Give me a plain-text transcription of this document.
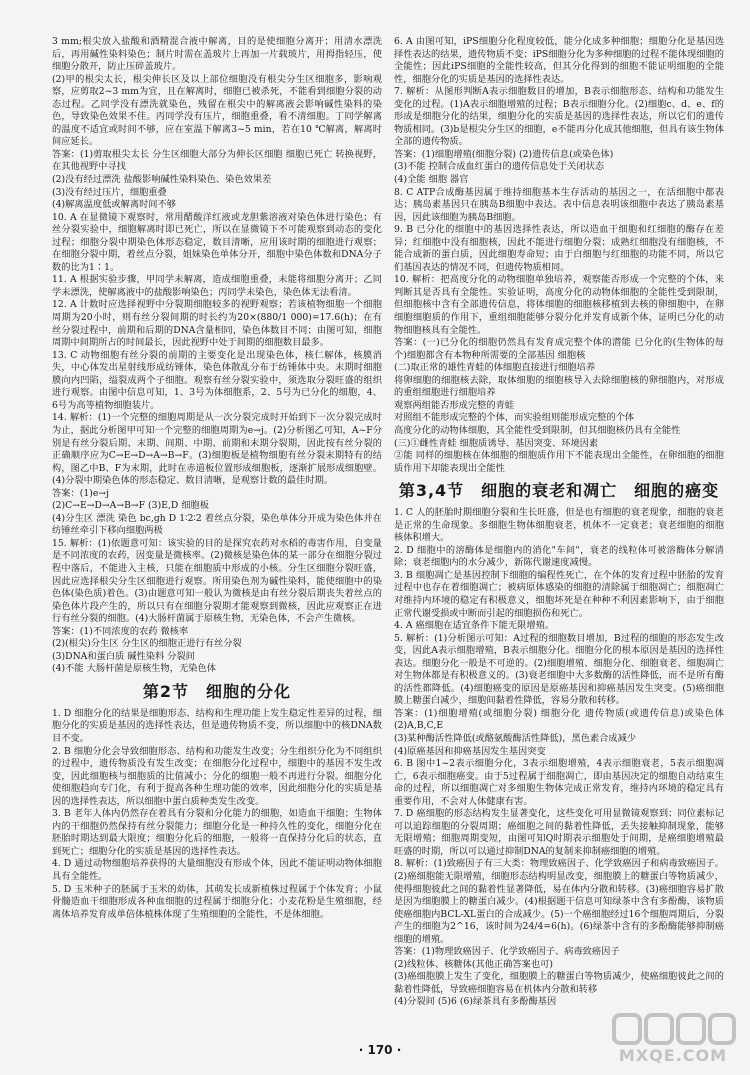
3 mm;根尖放入盐酸和酒精混合液中解离，目的是使细胞分离开；用清水漂洗后，再用碱性染料染色；制片时需在盖玻片上再加一片载玻片，用拇指轻压，使细胞分散开，防止压碎盖玻片。

(2)甲的根尖太长，根尖伸长区及以上部位细胞没有根尖分生区细胞多，影响观察，应剪取2~3 mm为宜，且在解离时，细胞已被杀死，不能看到细胞分裂的动态过程。乙同学没有漂洗就染色，残留在根尖中的解离液会影响碱性染料的染色，导致染色效果不佳。丙同学没有压片，细胞重叠，看不清细胞。丁同学解离的温度不适宜或时间不够，应在室温下解离3~5 min，若在10 ℃解离，解离时间应延长。

答案：(1)剪取根尖太长 分生区细胞大部分为伸长区细胞 细胞已死亡 转换视野，在其他视野中寻找

(2)没有经过漂洗 盐酸影响碱性染料染色、染色效果差

(3)没有经过压片，细胞重叠

(4)解离温度低或解离时间不够

10. A 在显微镜下观察时，常用醋酸洋红液或龙胆紫溶液对染色体进行染色；有丝分裂实验中，细胞解离时即已死亡，所以在显微镜下不可能观察到动态的变化过程；细胞分裂中期染色体形态稳定，数目清晰，应用该时期的细胞进行观察；在细胞分裂中期，着丝点分裂，姐妹染色单体分开，细胞中染色体数和DNA分子数的比为1∶1。

11. A 根据实验步骤，甲同学未解离，造成细胞重叠，未能将细胞分离开；乙同学未漂洗，使解离液中的盐酸影响染色；丙同学未染色，染色体无法看清。

12. A 计数时应选择视野中分裂期细胞较多的视野观察；若该植物细胞一个细胞周期为20小时，则有丝分裂间期的时长约为20×(880/1 000)=17.6(h)；在有丝分裂过程中，前期和后期的DNA含量相同，染色体数目不同；由图可知，细胞周期中间期所占的时间最长，因此视野中处于间期的细胞数目最多。

13. C 动物细胞有丝分裂的前期的主要变化是出现染色体，核仁解体，核膜消失，中心体发出星射线形成纺锤体，染色体散乱分布于纺锤体中央。末期时细胞膜向内凹陷，缢裂成两个子细胞。观察有丝分裂实验中，须选取分裂旺盛的组织进行观察。由图中信息可知，1、3号为体细胞系，2、5号为已分化的细胞，4、6号为高等植物细胞装片。

14. 解析：(1)一个完整的细胞周期是从一次分裂完成时开始到下一次分裂完成时为止，据此分析图甲可知一个完整的细胞周期为e→j。(2)分析图乙可知，A~F分别是有丝分裂后期、末期、间期、中期、前期和末期分裂期，因此按有丝分裂的正确顺序应为C→E→D→A→B→F。(3)细胞板是植物细胞有丝分裂末期特有的结构，图乙中B、F为末期，此时在赤道板位置形成细胞板，逐渐扩展形成细胞壁。(4)分裂中期染色体的形态稳定、数目清晰，是观察计数的最佳时期。

答案：(1)e→j

(2)C→E→D→A→B→F (3)E,D 细胞板

(4)分生区 漂洗 染色 bc,gh D 1∶2∶2 着丝点分裂，染色单体分开成为染色体并在纺锤丝牵引下移向细胞两极

15. 解析：(1)依题意可知：该实验的目的是探究农药对水稻的毒害作用，自变量是不同浓度的农药，因变量是微核率。(2)微核是染色体的某一部分在细胞分裂过程中落后，不能进入主核，只能在细胞质中形成的小核。分生区细胞分裂旺盛，因此应选择根尖分生区细胞进行观察。所用染色剂为碱性染料，能使细胞中的染色体(染色质)着色。(3)由题意可知一般认为微核是由有丝分裂后期丧失着丝点的染色体片段产生的，所以只有在细胞分裂期才能观察到微核，因此应观察正在进行有丝分裂的细胞。(4)大肠杆菌属于原核生物，无染色体，不会产生微核。

答案：(1)不同浓度的农药 微核率

(2)(根尖)分生区 分生区的细胞正进行有丝分裂

(3)DNA和蛋白质 碱性染料 分裂间

(4)不能 大肠杆菌是原核生物，无染色体

第2节　细胞的分化

1. D 细胞分化的结果是细胞形态、结构和生理功能上发生稳定性差异的过程，细胞分化的实质是基因的选择性表达，但是遗传物质不变，所以细胞中的核DNA数目不变。

2. B 细胞分化会导致细胞形态、结构和功能发生改变；分生组织分化为不同组织的过程中，遗传物质没有发生改变；在细胞分化过程中，细胞中的基因不发生改变，因此细胞核与细胞质的比值减小；分化的细胞一般不再进行分裂。细胞分化使细胞趋向专门化，有利于提高各种生理功能的效率，因此细胞分化的实质是基因的选择性表达，所以细胞中蛋白质种类发生改变。

3. B 老年人体内仍然存在着具有分裂和分化能力的细胞，如造血干细胞；生物体内的干细胞仍然保持有丝分裂能力；细胞分化是一种持久性的变化，细胞分化在胚胎时期达到最大限度；细胞分化后的细胞，一般将一直保持分化后的状态，直到死亡；细胞分化的实质是基因的选择性表达。

4. D 通过动物细胞培养获得的大量细胞没有形成个体，因此不能证明动物体细胞具有全能性。

5. D 玉米种子的胚属于玉米的幼体，其萌发长成新植株过程属于个体发育；小鼠骨髓造血干细胞形成各种血细胞的过程属于细胞分化；小麦花粉是生殖细胞，经离体培养发育成单倍体植株体现了生殖细胞的全能性，不是体细胞。

6. A 由图可知，iPS细胞分化程度较低，能分化成多种细胞；细胞分化是基因选择性表达的结果，遗传物质不变；iPS细胞分化为多种细胞的过程不能体现细胞的全能性；因此iPS细胞的全能性较高，但其分化得到的细胞不能证明细胞的全能性，细胞分化的实质是基因的选择性表达。

7. 解析：从图形判断A表示细胞数目的增加，B表示细胞形态、结构和功能发生变化的过程。(1)A表示细胞增殖的过程；B表示细胞分化。(2)细胞c、d、e、f的形成是细胞分化的结果，细胞分化的实质是基因的选择性表达，所以它们的遗传物质相同。(3)b是根尖分生区的细胞，e不能再分化成其他细胞，但具有该生物体全部的遗传物质。

答案：(1)细胞增殖(细胞分裂) (2)遗传信息(或染色体)

(3)不能 控制合成血红蛋白的遗传信息处于关闭状态

(4)全能 细胞 器官

8. C ATP合成酶基因属于维持细胞基本生存活动的基因之一，在活细胞中都表达；胰岛素基因只在胰岛B细胞中表达。表中信息表明该细胞中表达了胰岛素基因，因此该细胞为胰岛B细胞。

9. B 已分化的细胞中的基因选择性表达，所以造血干细胞和红细胞的酶存在差异；红细胞中没有细胞核，因此不能进行细胞分裂；成熟红细胞没有细胞核，不能合成新的蛋白质，因此细胞寿命短；由于白细胞与红细胞的功能不同，所以它们基因表达的情况不同，但遗传物质相同。

10. 解析：把高度分化的动物细胞单独培养，观察能否形成一个完整的个体，来判断其是否具有全能性。实验证明，高度分化的动物体细胞的全能性受到限制，但细胞核中含有全部遗传信息，将体细胞的细胞核移植到去核的卵细胞中，在卵细胞细胞质的作用下，重组细胞能够分裂分化并发育成新个体，证明已分化的动物细胞核具有全能性。

答案：(一)已分化的细胞仍然具有发育成完整个体的潜能 已分化的(生物体的每个)细胞都含有本物种所需要的全部基因 细胞核

(二)取正常的雄性青蛙的体细胞直接进行细胞培养

将卵细胞的细胞核去除，取体细胞的细胞核导入去除细胞核的卵细胞内，对形成的重组细胞进行细胞培养

观察两组能否形成完整的青蛙

对照组不能形成完整的个体，而实验组则能形成完整的个体

高度分化的动物体细胞，其全能性受到限制，但其细胞核仍具有全能性

(三)①雌性青蛙 细胞质诱导、基因突变、环境因素

②能 同样的细胞核在体细胞的细胞质作用下不能表现出全能性，在卵细胞的细胞质作用下却能表现出全能性

第3,4节　细胞的衰老和凋亡　细胞的癌变

1. C 人的胚胎时期细胞分裂和生长旺盛，但是也有细胞的衰老现象，细胞的衰老是正常的生命现象。多细胞生物体细胞衰老，机体不一定衰老；衰老细胞的细胞核体积增大。

2. D 细胞中的溶酶体是细胞内的消化"车间"，衰老的线粒体可被溶酶体分解清除；衰老细胞内的水分减少，新陈代谢速度减慢。

3. B 细胞凋亡是基因控制下细胞的编程性死亡，在个体的发育过程中胚胎的发育过程中也存在着细胞凋亡；被病原体感染的细胞的清除属于细胞凋亡；细胞凋亡对维持内环境的稳定有积极意义，细胞坏死是在种种不利因素影响下，由于细胞正常代谢受损或中断而引起的细胞损伤和死亡。

4. A 癌细胞在适宜条件下能无限增殖。

5. 解析：(1)分析图示可知：A过程的细胞数目增加，B过程的细胞的形态发生改变，因此A表示细胞增殖，B表示细胞分化。细胞分化的根本原因是基因的选择性表达。细胞分化一般是不可逆的。(2)细胞增殖、细胞分化、细胞衰老、细胞凋亡对生物体都是有积极意义的。(3)衰老细胞中大多数酶的活性降低，而不是所有酶的活性都降低。(4)细胞癌变的原因是原癌基因和抑癌基因发生突变。(5)癌细胞膜上糖蛋白减少，细胞间黏着性降低，容易分散和转移。

答案：(1)细胞增殖(或细胞分裂) 细胞分化 遗传物质(或遗传信息)或染色体 (2)A,B,C,E

(3)某种酶活性降低(或酪氨酸酶活性降低)，黑色素合成减少

(4)原癌基因和抑癌基因发生基因突变

6. B 图中1~2表示细胞分化，3表示细胞增殖，4表示细胞衰老，5表示细胞凋亡，6表示细胞癌变。由于5过程属于细胞凋亡，即由基因决定的细胞自动结束生命的过程，所以细胞凋亡对多细胞生物体完成正常发育，维持内环境的稳定具有重要作用，不会对人体健康有害。

7. D 癌细胞的形态结构发生显著变化，这些变化可用显微镜观察到；同位素标记可以追踪细胞的分裂周期；癌细胞之间的黏着性降低，丢失接触抑制现象，能够无限增殖；细胞周期变短，由图可知Q时期表示细胞处于间期，是癌细胞增殖最旺盛的时期，所以可以通过抑制DNA的复制来抑制癌细胞的增殖。

8. 解析：(1)致癌因子有三大类：物理致癌因子、化学致癌因子和病毒致癌因子。(2)癌细胞能无限增殖，细胞形态结构明显改变，细胞膜上的糖蛋白等物质减少，使得细胞彼此之间的黏着性显著降低，易在体内分散和转移。(3)癌细胞容易扩散是因为细胞膜上的糖蛋白减少。(4)根据题干信息可知绿茶中含有多酚酶，该物质使癌细胞内BCL-XL蛋白的合成减少。(5)一个癌细胞经过16个细胞周期后，分裂产生的细胞为2^16，该时间为24/4=6(h)。(6)绿茶中含有的多酚酶能够抑制癌细胞的增殖。

答案：(1)物理致癌因子、化学致癌因子、病毒致癌因子

(2)线粒体、核糖体(其他正确答案也可)

(3)癌细胞膜上发生了变化，细胞膜上的糖蛋白等物质减少，使癌细胞彼此之间的黏着性降低，导致癌细胞容易在机体内分散和转移

(4)分裂间 (5)6 (6)绿茶具有多酚酶基因

· 170 ·	MXQE.COM
